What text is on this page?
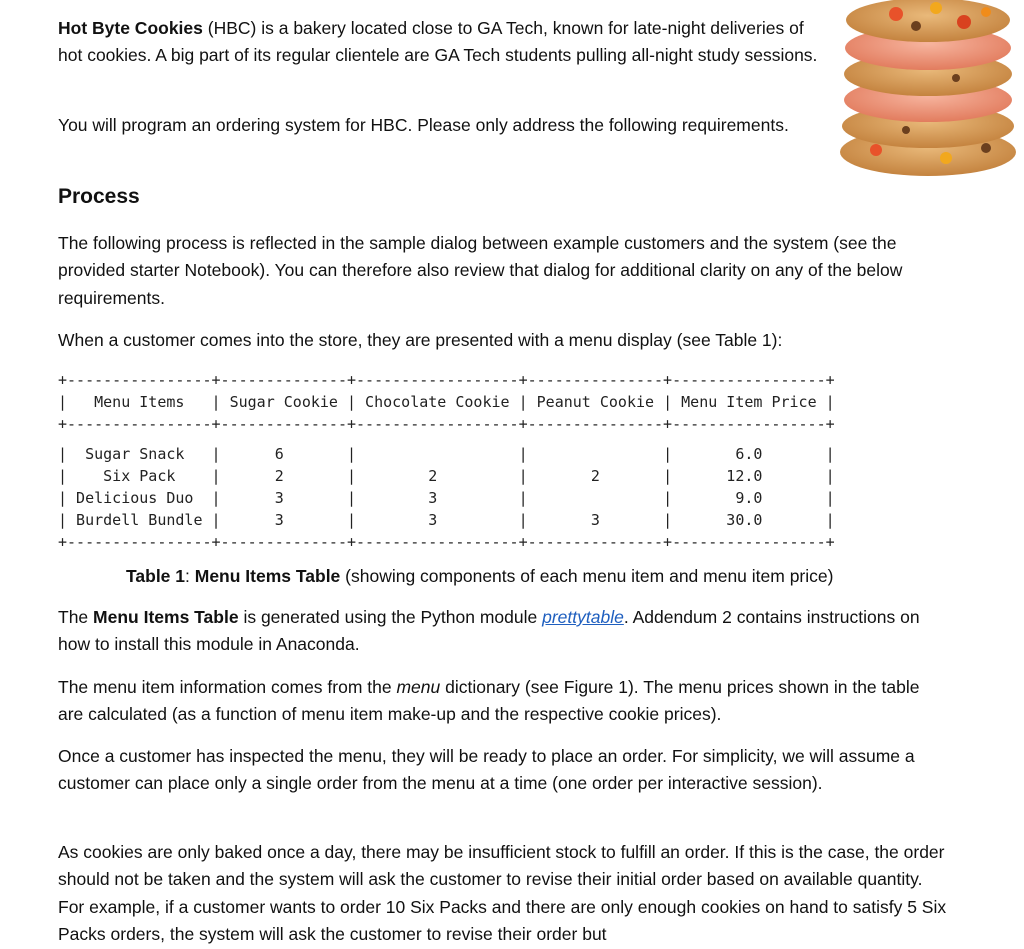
Hot Byte Cookies (HBC) is a bakery located close to GA Tech, known for late-night deliveries of hot cookies. A big part of its regular clientele are GA Tech students pulling all-night study sessions.

You will program an ordering system for HBC. Please only address the following requirements.

Process

The following process is reflected in the sample dialog between example customers and the system (see the provided starter Notebook). You can therefore also review that dialog for additional clarity on any of the below requirements.

When a customer comes into the store, they are presented with a menu display (see Table 1):

+----------------+--------------+------------------+---------------+-----------------+
|   Menu Items   | Sugar Cookie | Chocolate Cookie | Peanut Cookie | Menu Item Price |
+----------------+--------------+------------------+---------------+-----------------+
|  Sugar Snack   |      6       |	|	|       6.0       |
|    Six Pack    |      2       |        2         |       2       |      12.0       |
| Delicious Duo  |      3       |        3         |	|       9.0       |
| Burdell Bundle |      3       |        3         |       3       |      30.0       |
+----------------+--------------+------------------+---------------+-----------------+

Table 1: Menu Items Table (showing components of each menu item and menu item price)

The Menu Items Table is generated using the Python module prettytable. Addendum 2 contains instructions on how to install this module in Anaconda.

The menu item information comes from the menu dictionary (see Figure 1). The menu prices shown in the table are calculated (as a function of menu item make-up and the respective cookie prices).

Once a customer has inspected the menu, they will be ready to place an order. For simplicity, we will assume a customer can place only a single order from the menu at a time (one order per interactive session).

As cookies are only baked once a day, there may be insufficient stock to fulfill an order. If this is the case, the order should not be taken and the system will ask the customer to revise their initial order based on available quantity. For example, if a customer wants to order 10 Six Packs and there are only enough cookies on hand to satisfy 5 Six Packs orders, the system will ask the customer to revise their order but
